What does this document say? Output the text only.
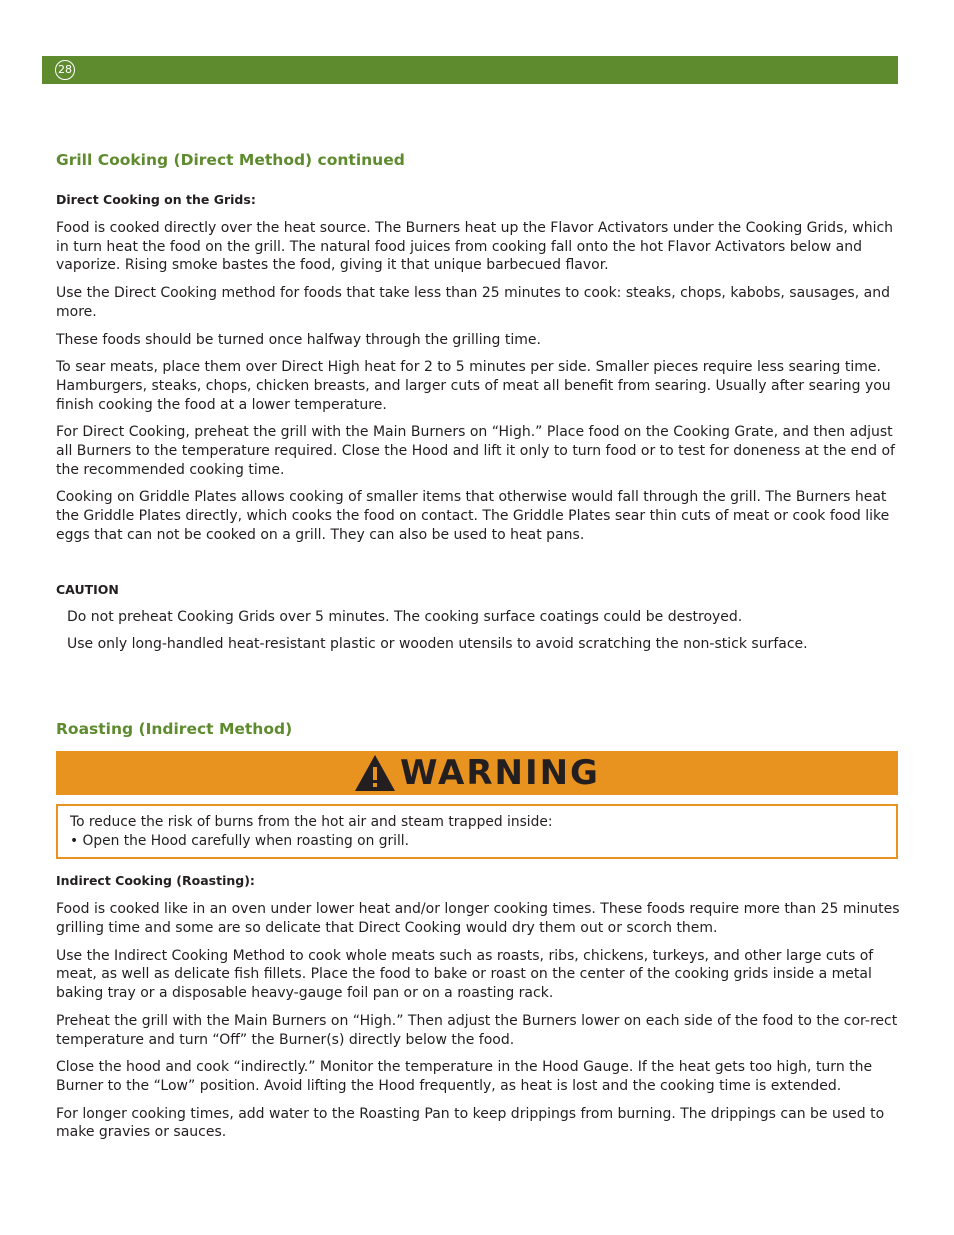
28
Grill Cooking (Direct Method) continued
Direct Cooking on the Grids:

Food is cooked directly over the heat source. The Burners heat up the Flavor Activators under the Cooking Grids, which in turn heat the food on the grill. The natural food juices from cooking fall onto the hot Flavor Activators below and vaporize. Rising smoke bastes the food, giving it that unique barbecued flavor.

Use the Direct Cooking method for foods that take less than 25 minutes to cook: steaks, chops, kabobs, sausages, and more.

These foods should be turned once halfway through the grilling time.

To sear meats, place them over Direct High heat for 2 to 5 minutes per side. Smaller pieces require less searing time. Hamburgers, steaks, chops, chicken breasts, and larger cuts of meat all benefit from searing. Usually after searing you finish cooking the food at a lower temperature.

For Direct Cooking, preheat the grill with the Main Burners on “High.” Place food on the Cooking Grate, and then adjust all Burners to the temperature required. Close the Hood and lift it only to turn food or to test for doneness at the end of the recommended cooking time.

Cooking on Griddle Plates allows cooking of smaller items that otherwise would fall through the grill. The Burners heat the Griddle Plates directly, which cooks the food on contact. The Griddle Plates sear thin cuts of meat or cook food like eggs that can not be cooked on a grill. They can also be used to heat pans.

CAUTION

Do not preheat Cooking Grids over 5 minutes. The cooking surface coatings could be destroyed.

Use only long-handled heat-resistant plastic or wooden utensils to avoid scratching the non-stick surface.

Roasting (Indirect Method)
WARNING

To reduce the risk of burns from the hot air and steam trapped inside:

• Open the Hood carefully when roasting on grill.

Indirect Cooking (Roasting):

Food is cooked like in an oven under lower heat and/or longer cooking times. These foods require more than 25 minutes grilling time and some are so delicate that Direct Cooking would dry them out or scorch them.

Use the Indirect Cooking Method to cook whole meats such as roasts, ribs, chickens, turkeys, and other large cuts of meat, as well as delicate fish fillets. Place the food to bake or roast on the center of the cooking grids inside a metal baking tray or a disposable heavy-gauge foil pan or on a roasting rack.

Preheat the grill with the Main Burners on “High.” Then adjust the Burners lower on each side of the food to the cor-rect temperature and turn “Off” the Burner(s) directly below the food.

Close the hood and cook “indirectly.” Monitor the temperature in the Hood Gauge. If the heat gets too high, turn the Burner to the “Low” position. Avoid lifting the Hood frequently, as heat is lost and the cooking time is extended.

For longer cooking times, add water to the Roasting Pan to keep drippings from burning. The drippings can be used to make gravies or sauces.
